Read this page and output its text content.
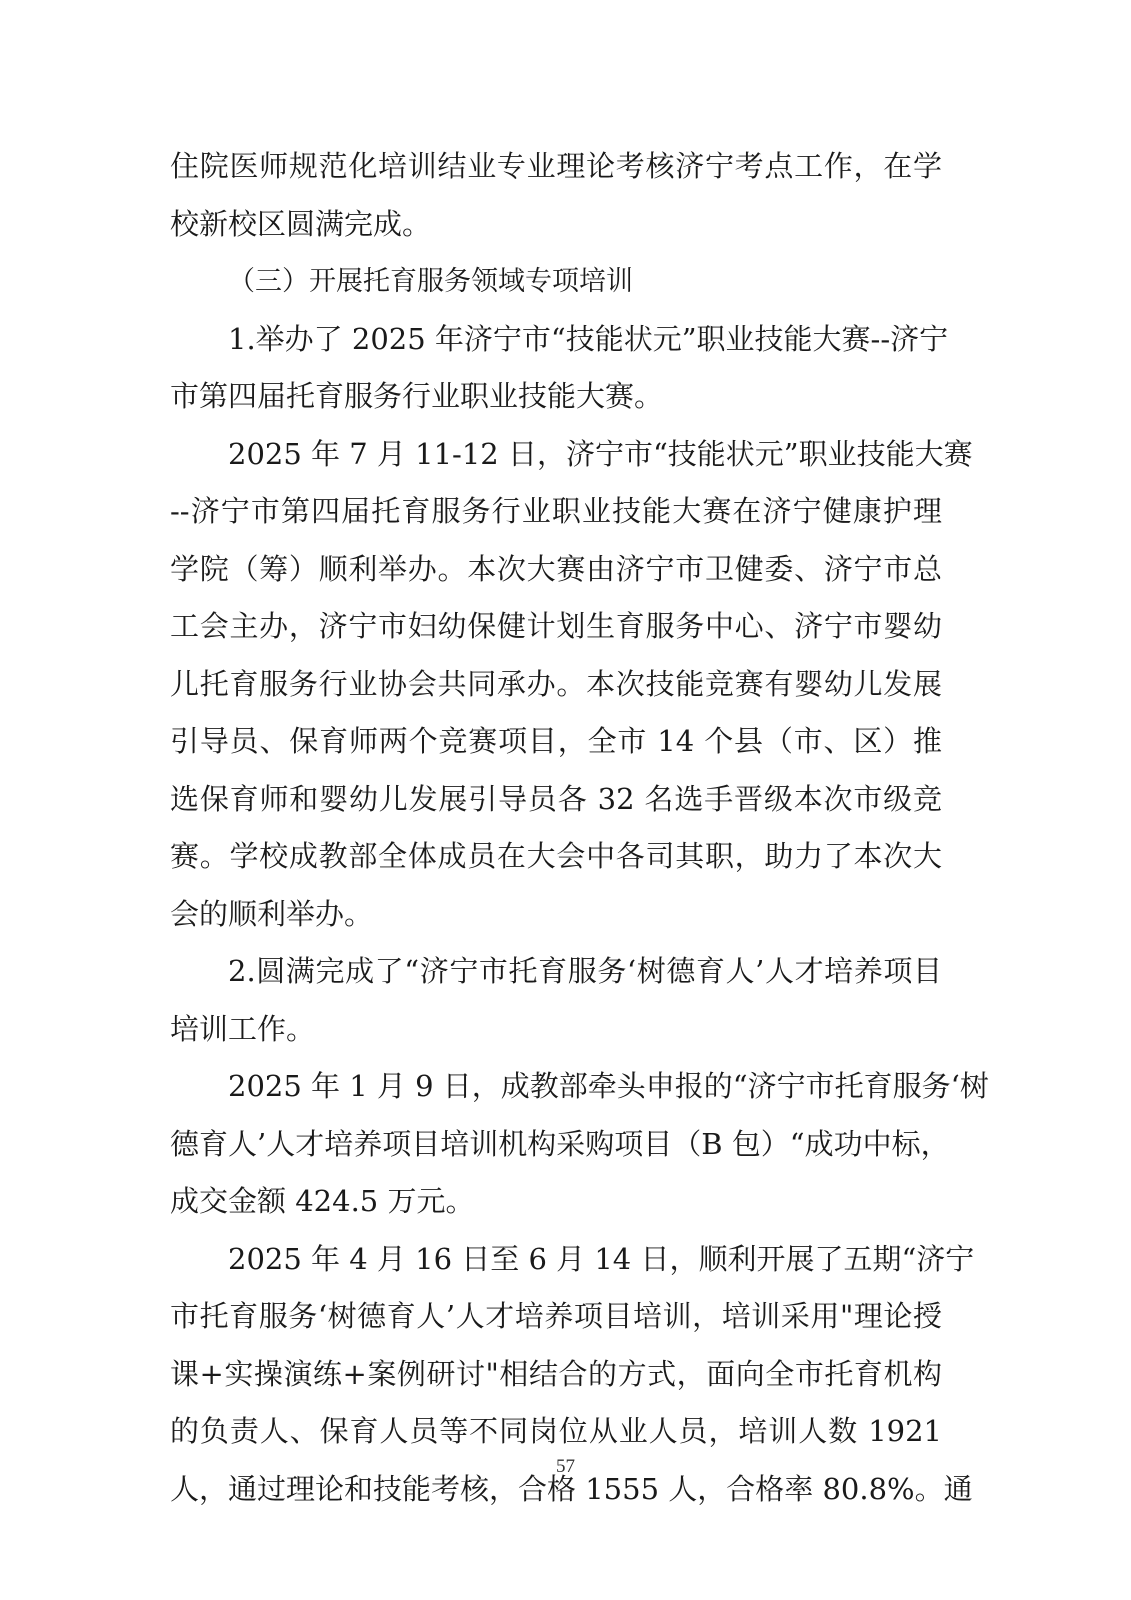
住院医师规范化培训结业专业理论考核济宁考点工作，在学
校新校区圆满完成。
（三）开展托育服务领域专项培训
1.举办了 2025 年济宁市“技能状元”职业技能大赛--济宁
市第四届托育服务行业职业技能大赛。
2025 年 7 月 11-12 日，济宁市“技能状元”职业技能大赛
--济宁市第四届托育服务行业职业技能大赛在济宁健康护理
学院（筹）顺利举办。本次大赛由济宁市卫健委、济宁市总
工会主办，济宁市妇幼保健计划生育服务中心、济宁市婴幼
儿托育服务行业协会共同承办。本次技能竞赛有婴幼儿发展
引导员、保育师两个竞赛项目，全市 14 个县（市、区）推
选保育师和婴幼儿发展引导员各 32 名选手晋级本次市级竞
赛。学校成教部全体成员在大会中各司其职，助力了本次大
会的顺利举办。
2.圆满完成了“济宁市托育服务‘树德育人’人才培养项目
培训工作。
2025 年 1 月 9 日，成教部牵头申报的“济宁市托育服务‘树
德育人’人才培养项目培训机构采购项目（B 包）“成功中标，
成交金额 424.5 万元。
2025 年 4 月 16 日至 6 月 14 日，顺利开展了五期“济宁
市托育服务‘树德育人’人才培养项目培训，培训采用"理论授
课+实操演练+案例研讨"相结合的方式，面向全市托育机构
的负责人、保育人员等不同岗位从业人员，培训人数 1921
人，通过理论和技能考核，合格 1555 人，合格率 80.8%。通
57
